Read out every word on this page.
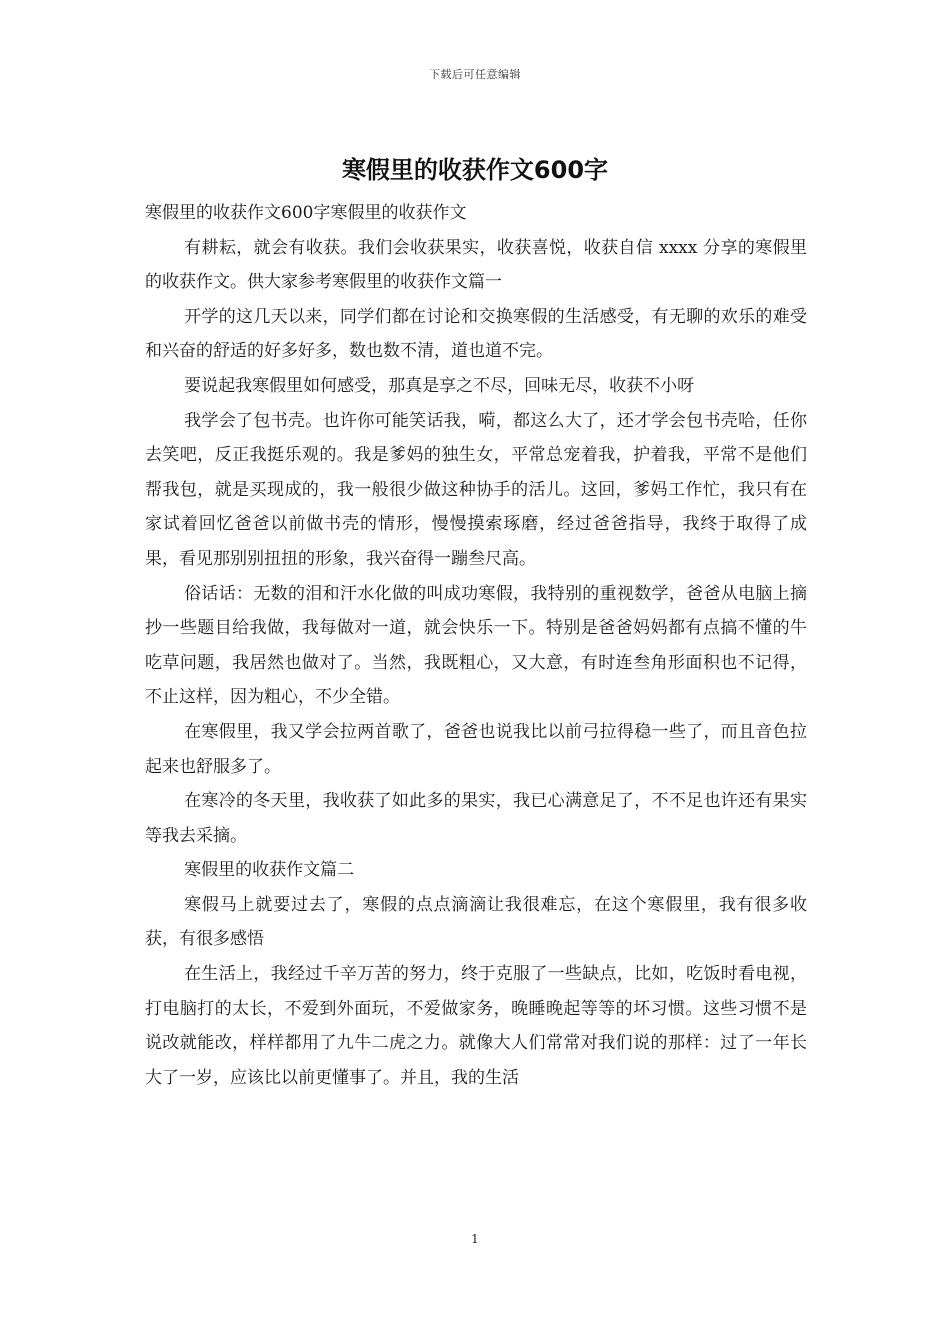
下载后可任意编辑
寒假里的收获作文600字

寒假里的收获作文600字寒假里的收获作文

有耕耘，就会有收获。我们会收获果实，收获喜悦，收获自信 xxxx 分享的寒假里的收获作文。供大家参考寒假里的收获作文篇一

开学的这几天以来，同学们都在讨论和交换寒假的生活感受，有无聊的欢乐的难受和兴奋的舒适的好多好多，数也数不清，道也道不完。

要说起我寒假里如何感受，那真是享之不尽，回味无尽，收获不小呀

我学会了包书壳。也许你可能笑话我，嗬，都这么大了，还才学会包书壳哈，任你去笑吧，反正我挺乐观的。我是爹妈的独生女，平常总宠着我，护着我，平常不是他们帮我包，就是买现成的，我一般很少做这种协手的活儿。这回，爹妈工作忙，我只有在家试着回忆爸爸以前做书壳的情形，慢慢摸索琢磨，经过爸爸指导，我终于取得了成果，看见那别别扭扭的形象，我兴奋得一蹦叁尺高。

俗话话：无数的泪和汗水化做的叫成功寒假，我特别的重视数学，爸爸从电脑上摘抄一些题目给我做，我每做对一道，就会快乐一下。特别是爸爸妈妈都有点搞不懂的牛吃草问题，我居然也做对了。当然，我既粗心，又大意，有时连叁角形面积也不记得，不止这样，因为粗心，不少全错。

在寒假里，我又学会拉两首歌了，爸爸也说我比以前弓拉得稳一些了，而且音色拉起来也舒服多了。

在寒冷的冬天里，我收获了如此多的果实，我已心满意足了，不不足也许还有果实等我去采摘。

寒假里的收获作文篇二

寒假马上就要过去了，寒假的点点滴滴让我很难忘，在这个寒假里，我有很多收获，有很多感悟

在生活上，我经过千辛万苦的努力，终于克服了一些缺点，比如，吃饭时看电视，打电脑打的太长，不爱到外面玩，不爱做家务，晚睡晚起等等的坏习惯。这些习惯不是说改就能改，样样都用了九牛二虎之力。就像大人们常常对我们说的那样：过了一年长大了一岁，应该比以前更懂事了。并且，我的生活

1
